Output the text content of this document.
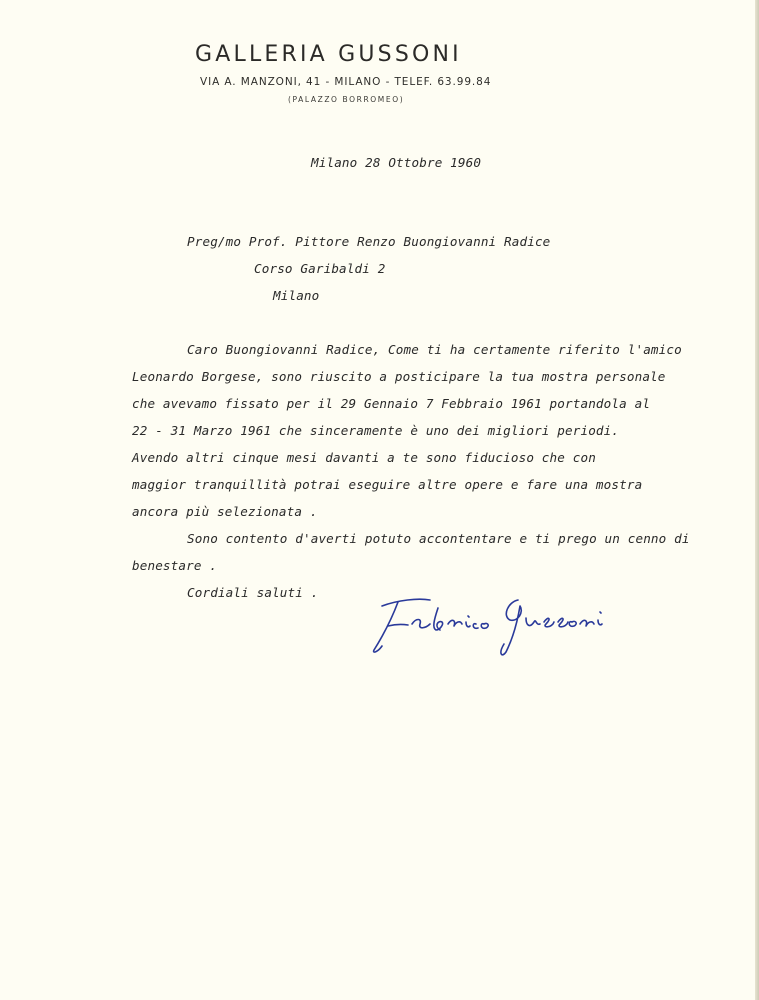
GALLERIA GUSSONI
VIA A. MANZONI, 41 - MILANO - TELEF. 63.99.84
(PALAZZO BORROMEO)
Milano 28 Ottobre 1960
Preg/mo Prof. Pittore Renzo Buongiovanni Radice
Corso Garibaldi 2
Milano
Caro Buongiovanni Radice, Come ti ha certamente riferito l'amico
Leonardo Borgese, sono riuscito a posticipare la tua mostra personale
che avevamo fissato per il 29 Gennaio 7 Febbraio 1961 portandola al
22 - 31 Marzo 1961 che sinceramente è uno dei migliori periodi.
Avendo altri cinque mesi davanti a te sono fiducioso che con
maggior tranquillità potrai eseguire altre opere e fare una mostra
ancora più selezionata .
Sono contento d'averti potuto accontentare e ti prego un cenno di
benestare .
Cordiali saluti .
